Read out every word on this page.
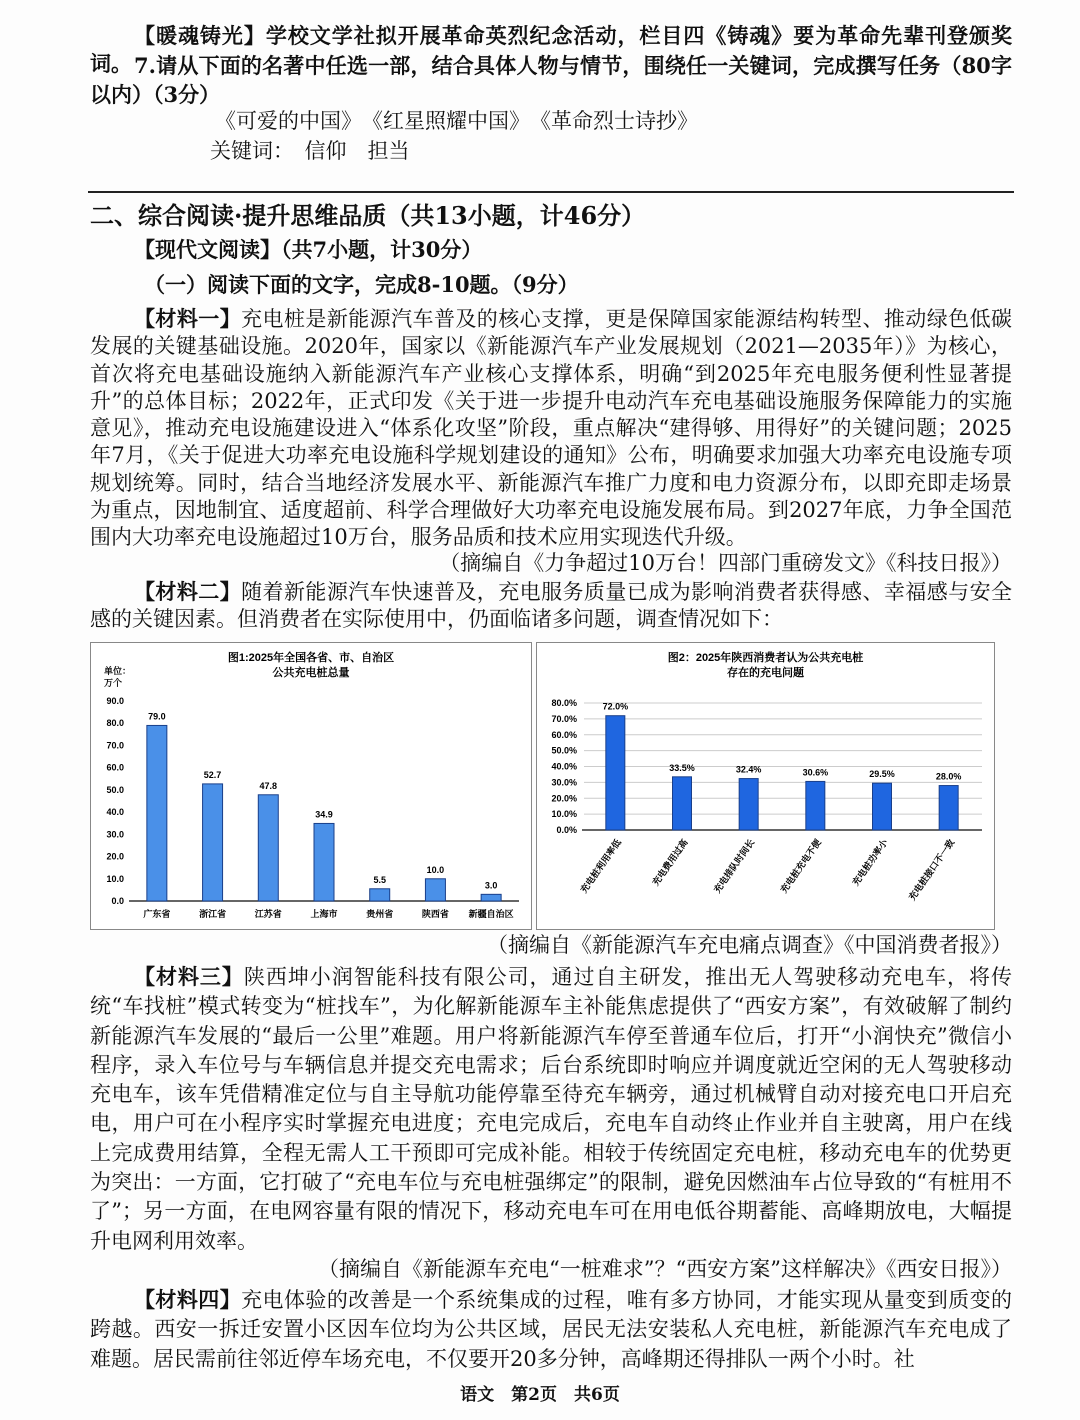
【暖魂铸光】学校文学社拟开展革命英烈纪念活动，栏目四《铸魂》要为革命先辈刊登颁奖词。 7.请从下面的名著中任选一部，结合具体人物与情节，围绕任一关键词，完成撰写任务（80字以内）（3分）
《可爱的中国》　《红星照耀中国》　《革命烈士诗抄》
关键词：　信仰　担当
二、综合阅读·提升思维品质（共13小题，计46分）
【现代文阅读】（共7小题，计30分）
（一）阅读下面的文字，完成8-10题。（9分）
【材料一】充电桩是新能源汽车普及的核心支撑，更是保障国家能源结构转型、推动绿色低碳发展的关键基础设施。2020年，国家以《新能源汽车产业发展规划（2021—2035年）》为核心，首次将充电基础设施纳入新能源汽车产业核心支撑体系，明确“到2025年充电服务便利性显著提升”的总体目标；2022年，正式印发《关于进一步提升电动汽车充电基础设施服务保障能力的实施意见》，推动充电设施建设进入“体系化攻坚”阶段，重点解决“建得够、用得好”的关键问题；2025年7月，《关于促进大功率充电设施科学规划建设的通知》公布，明确要求加强大功率充电设施专项规划统筹。同时，结合当地经济发展水平、新能源汽车推广力度和电力资源分布，以即充即走场景为重点，因地制宜、适度超前、科学合理做好大功率充电设施发展布局。到2027年底，力争全国范围内大功率充电设施超过10万台，服务品质和技术应用实现迭代升级。
（摘编自《力争超过10万台！四部门重磅发文》《科技日报》）
【材料二】随着新能源汽车快速普及，充电服务质量已成为影响消费者获得感、幸福感与安全感的关键因素。但消费者在实际使用中，仍面临诸多问题，调查情况如下：
图1:2025年全国各省、市、自治区
公共充电桩总量
0.0
10.0
20.0
30.0
40.0
50.0
60.0
70.0
80.0
90.0
79.0
广东省
52.7
浙江省
47.8
江苏省
34.9
上海市
5.5
贵州省
10.0
陕西省
3.0
新疆自治区
单位：万个
图2：2025年陕西消费者认为公共充电桩
存在的充电问题
0.0%
10.0%
20.0%
30.0%
40.0%
50.0%
60.0%
70.0%
80.0%	72.0%
充电桩利用率低
33.5%
充电费用过高
32.4%
充电排队时间长
30.6%
充电桩充电不便
29.5%
充电桩功率小
28.0%
充电桩接口不一致
（摘编自《新能源汽车充电痛点调查》《中国消费者报》）
【材料三】陕西坤小润智能科技有限公司，通过自主研发，推出无人驾驶移动充电车，将传统“车找桩”模式转变为“桩找车”，为化解新能源车主补能焦虑提供了“西安方案”，有效破解了制约新能源汽车发展的“最后一公里”难题。用户将新能源汽车停至普通车位后，打开“小润快充”微信小程序，录入车位号与车辆信息并提交充电需求；后台系统即时响应并调度就近空闲的无人驾驶移动充电车，该车凭借精准定位与自主导航功能停靠至待充车辆旁，通过机械臂自动对接充电口开启充电，用户可在小程序实时掌握充电进度；充电完成后，充电车自动终止作业并自主驶离，用户在线上完成费用结算，全程无需人工干预即可完成补能。相较于传统固定充电桩，移动充电车的优势更为突出：一方面，它打破了“充电车位与充电桩强绑定”的限制，避免因燃油车占位导致的“有桩用不了”；另一方面，在电网容量有限的情况下，移动充电车可在用电低谷期蓄能、高峰期放电，大幅提升电网利用效率。
（摘编自《新能源车充电“一桩难求”？“西安方案”这样解决》《西安日报》）
【材料四】充电体验的改善是一个系统集成的过程，唯有多方协同，才能实现从量变到质变的跨越。西安一拆迁安置小区因车位均为公共区域，居民无法安装私人充电桩，新能源汽车充电成了难题。居民需前往邻近停车场充电，不仅要开20多分钟，高峰期还得排队一两个小时。社
语文　第2页　共6页
